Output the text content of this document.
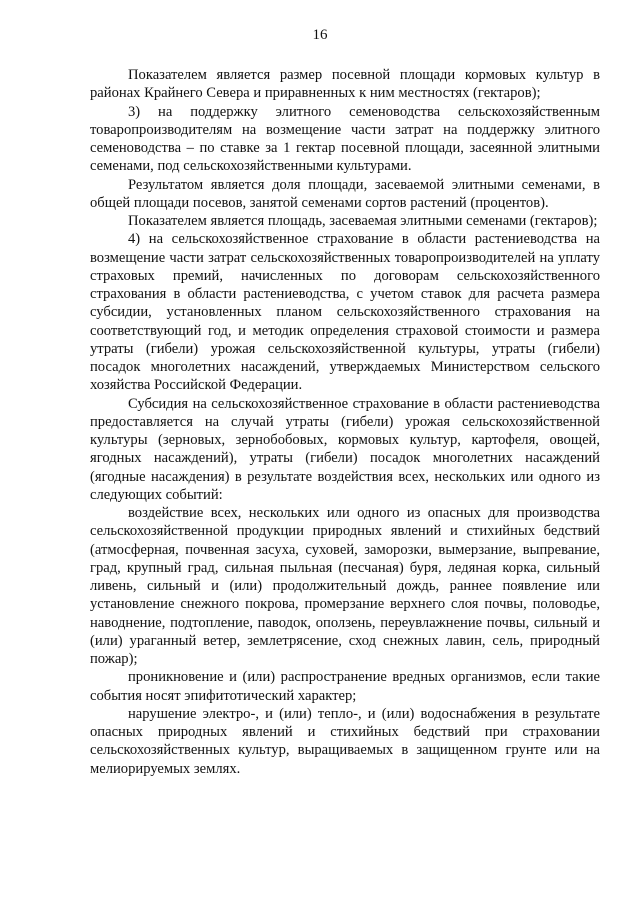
16

Показателем является размер посевной площади кормовых культур в районах Крайнего Севера и приравненных к ним местностях (гектаров);

3) на поддержку элитного семеноводства сельскохозяйственным товаропроизводителям на возмещение части затрат на поддержку элитного семеноводства – по ставке за 1 гектар посевной площади, засеянной элитными семенами, под сельскохозяйственными культурами.

Результатом является доля площади, засеваемой элитными семенами, в общей площади посевов, занятой семенами сортов растений (процентов).

Показателем является площадь, засеваемая элитными семенами (гектаров);

4) на сельскохозяйственное страхование в области растениеводства на возмещение части затрат сельскохозяйственных товаропроизводителей на уплату страховых премий, начисленных по договорам сельскохозяйственного страхования в области растениеводства, с учетом ставок для расчета размера субсидии, установленных планом сельскохозяйственного страхования на соответствующий год, и методик определения страховой стоимости и размера утраты (гибели) урожая сельскохозяйственной культуры, утраты (гибели) посадок многолетних насаждений, утверждаемых Министерством сельского хозяйства Российской Федерации.

Субсидия на сельскохозяйственное страхование в области растениеводства предоставляется на случай утраты (гибели) урожая сельскохозяйственной культуры (зерновых, зернобобовых, кормовых культур, картофеля, овощей, ягодных насаждений), утраты (гибели) посадок многолетних насаждений (ягодные насаждения) в результате воздействия всех, нескольких или одного из следующих событий:

воздействие всех, нескольких или одного из опасных для производства сельскохозяйственной продукции природных явлений и стихийных бедствий (атмосферная, почвенная засуха, суховей, заморозки, вымерзание, выпревание, град, крупный град, сильная пыльная (песчаная) буря, ледяная корка, сильный ливень, сильный и (или) продолжительный дождь, раннее появление или установление снежного покрова, промерзание верхнего слоя почвы, половодье, наводнение, подтопление, паводок, оползень, переувлажнение почвы, сильный и (или) ураганный ветер, землетрясение, сход снежных лавин, сель, природный пожар);

проникновение и (или) распространение вредных организмов, если такие события носят эпифитотический характер;

нарушение электро-, и (или) тепло-, и (или) водоснабжения в результате опасных природных явлений и стихийных бедствий при страховании сельскохозяйственных культур, выращиваемых в защищенном грунте или на мелиорируемых землях.
